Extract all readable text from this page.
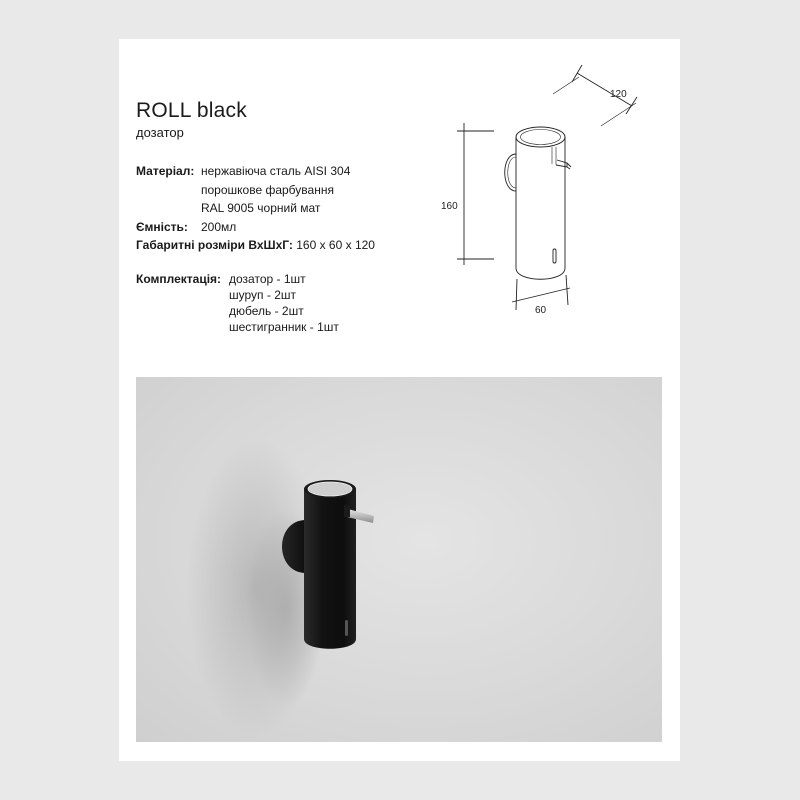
ROLL black
дозатор
Матеріал: нержавіюча сталь AISI 304
порошкове фарбування
RAL 9005 чорний мат
Ємність: 200мл
Габаритні розміри ВхШхГ: 160 x 60 x 120
Комплектація: дозатор - 1шт
шуруп - 2шт
дюбель - 2шт
шестигранник - 1шт
120
160
60
